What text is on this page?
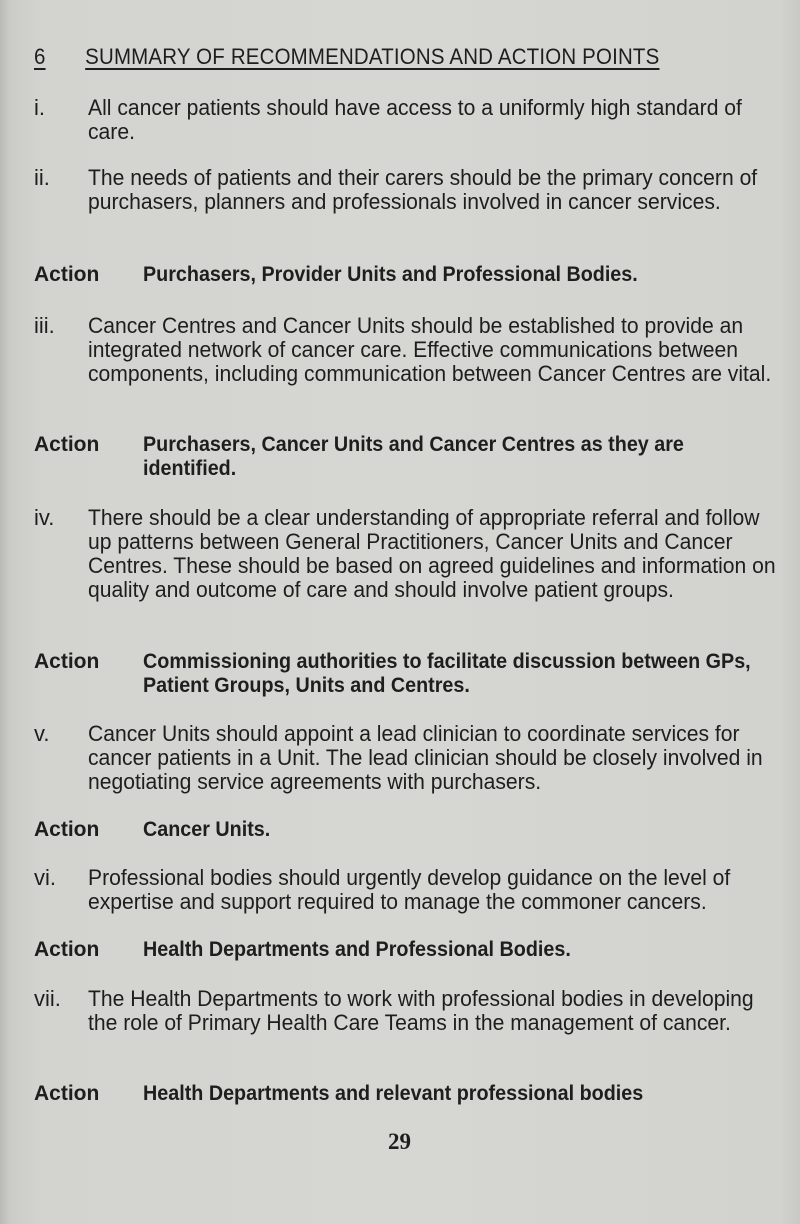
6 SUMMARY OF RECOMMENDATIONS AND ACTION POINTS
i. All cancer patients should have access to a uniformly high standard of care.
ii. The needs of patients and their carers should be the primary concern of purchasers, planners and professionals involved in cancer services.
Action Purchasers, Provider Units and Professional Bodies.
iii. Cancer Centres and Cancer Units should be established to provide an integrated network of cancer care. Effective communications between components, including communication between Cancer Centres are vital.
Action Purchasers, Cancer Units and Cancer Centres as they are identified.
iv. There should be a clear understanding of appropriate referral and follow up patterns between General Practitioners, Cancer Units and Cancer Centres. These should be based on agreed guidelines and information on quality and outcome of care and should involve patient groups.
Action Commissioning authorities to facilitate discussion between GPs, Patient Groups, Units and Centres.
v. Cancer Units should appoint a lead clinician to coordinate services for cancer patients in a Unit. The lead clinician should be closely involved in negotiating service agreements with purchasers.
Action Cancer Units.
vi. Professional bodies should urgently develop guidance on the level of expertise and support required to manage the commoner cancers.
Action Health Departments and Professional Bodies.
vii. The Health Departments to work with professional bodies in developing the role of Primary Health Care Teams in the management of cancer.
Action Health Departments and relevant professional bodies
29
